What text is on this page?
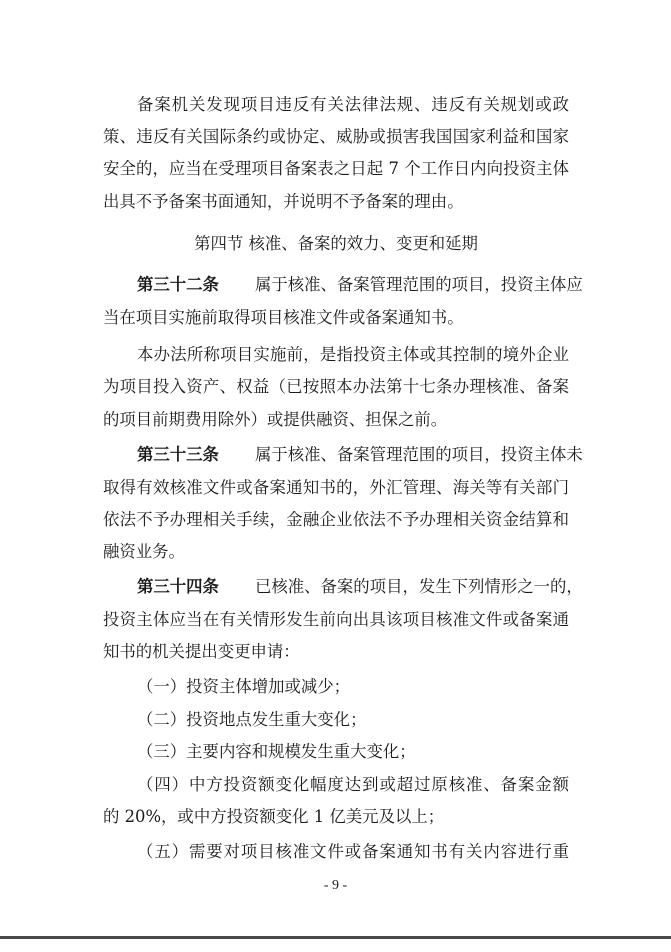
备案机关发现项目违反有关法律法规、违反有关规划或政
策、违反有关国际条约或协定、威胁或损害我国国家利益和国家
安全的，应当在受理项目备案表之日起 7 个工作日内向投资主体
出具不予备案书面通知，并说明不予备案的理由。
第四节 核准、备案的效力、变更和延期
第三十二条 属于核准、备案管理范围的项目，投资主体应
当在项目实施前取得项目核准文件或备案通知书。
本办法所称项目实施前，是指投资主体或其控制的境外企业
为项目投入资产、权益（已按照本办法第十七条办理核准、备案
的项目前期费用除外）或提供融资、担保之前。
第三十三条 属于核准、备案管理范围的项目，投资主体未
取得有效核准文件或备案通知书的，外汇管理、海关等有关部门
依法不予办理相关手续，金融企业依法不予办理相关资金结算和
融资业务。
第三十四条 已核准、备案的项目，发生下列情形之一的，
投资主体应当在有关情形发生前向出具该项目核准文件或备案通
知书的机关提出变更申请：
（一）投资主体增加或减少；
（二）投资地点发生重大变化；
（三）主要内容和规模发生重大变化；
（四）中方投资额变化幅度达到或超过原核准、备案金额
的 20%，或中方投资额变化 1 亿美元及以上；
（五）需要对项目核准文件或备案通知书有关内容进行重
- 9 -
